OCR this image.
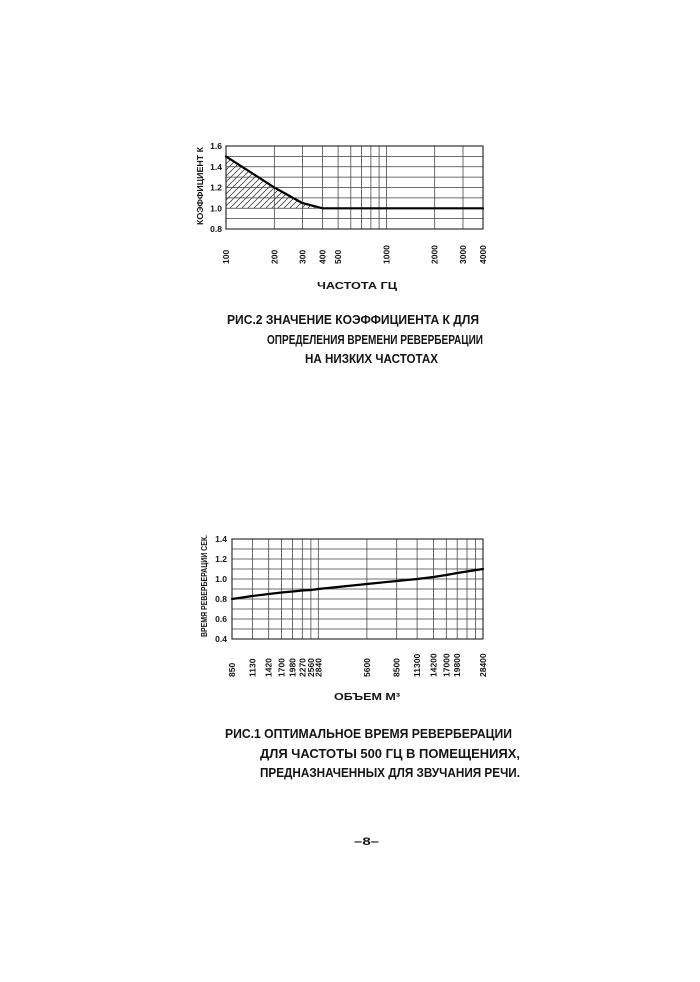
0.8
1.0
1.2
1.4
1.6
100	200 300 400 500	1000	2000 3000 4000
КОЭФФИЦИЕНТ К
ЧАСТОТА ГЦ
РИС.2 ЗНАЧЕНИЕ КОЭФФИЦИЕНТА К ДЛЯ
ОПРЕДЕЛЕНИЯ ВРЕМЕНИ РЕВЕРБЕРАЦИИ
НА НИЗКИХ ЧАСТОТАХ
0.4
0.6
0.8
1.0
1.2
1.4
850 1130 1420 1700 1980 2270
2560
2840	5600 8500 11300 14200 17000 19800 28400
ВРЕМЯ РЕВЕРБЕРАЦИИ СЕК.
ОБЪЕМ М³
РИС.1 ОПТИМАЛЬНОЕ ВРЕМЯ РЕВЕРБЕРАЦИИ
ДЛЯ ЧАСТОТЫ 500 ГЦ В ПОМЕЩЕНИЯХ,
ПРЕДНАЗНАЧЕННЫХ ДЛЯ ЗВУЧАНИЯ РЕЧИ.
–8–
